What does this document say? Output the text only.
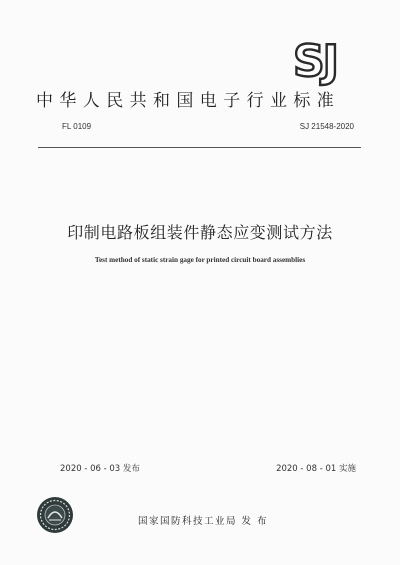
SJ
中华人民共和国电子行业标准
FL 0109	SJ 21548-2020
印制电路板组装件静态应变测试方法
Test method of static strain gage for printed circuit board assemblies
2020 - 06 - 03 发布	2020 - 08 - 01 实施
国家国防科技工业局 发 布
